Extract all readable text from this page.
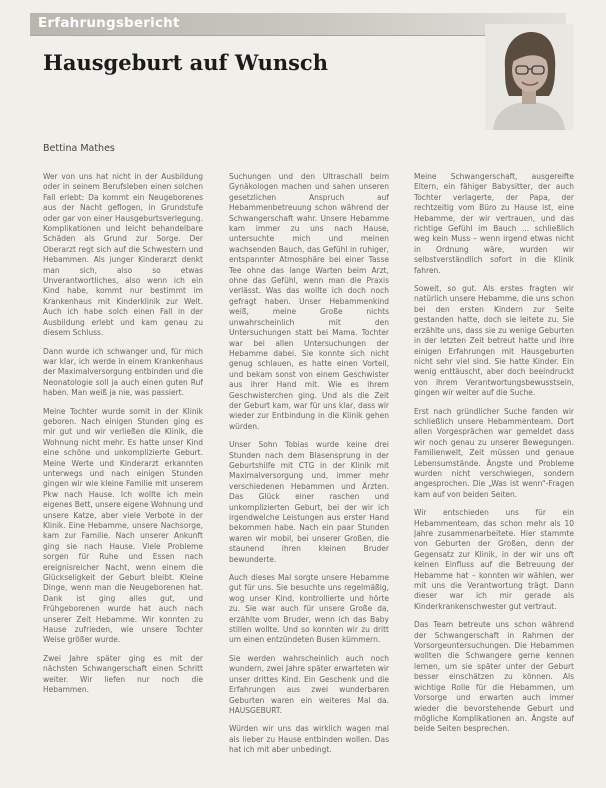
Erfahrungsbericht
Hausgeburt auf Wunsch
Bettina Mathes

Wer von uns hat nicht in der Ausbildung oder in seinem Berufsleben einen solchen Fall erlebt: Da kommt ein Neugeborenes aus der Nacht geflogen, in Grundstufe oder gar von einer Hausgeburtsverlegung. Komplikationen und leicht behandelbare Schäden als Grund zur Sorge. Der Oberarzt regt sich auf die Schwestern und Hebammen. Als junger Kinderarzt denkt man sich, also so etwas Unverantwortliches, also wenn ich ein Kind habe, kommt nur bestimmt im Krankenhaus mit Kinderklinik zur Welt. Auch ich habe solch einen Fall in der Ausbildung erlebt und kam genau zu diesem Schluss.

Dann wurde ich schwanger und, für mich war klar, ich werde in einem Krankenhaus der Maximalversorgung entbinden und die Neonatologie soll ja auch einen guten Ruf haben. Man weiß ja nie, was passiert.

Meine Tochter wurde somit in der Klinik geboren. Nach einigen Stunden ging es mir gut und wir verließen die Klinik, die Wohnung nicht mehr. Es hatte unser Kind eine schöne und unkomplizierte Geburt. Meine Werte und Kinderarzt erkannten unterwegs und nach einigen Stunden gingen wir wie kleine Familie mit unserem Pkw nach Hause. Ich wollte ich mein eigenes Bett, unsere eigene Wohnung und unsere Katze, aber viele Verbote in der Klinik. Eine Hebamme, unsere Nachsorge, kam zur Familie. Nach unserer Ankunft ging sie nach Hause. Viele Probleme sorgen für Ruhe und Essen nach ereignisreicher Nacht, wenn einem die Glückseligkeit der Geburt bleibt. Kleine Dinge, wenn man die Neugeborenen hat. Dank ist ging alles gut, und Frühgeborenen wurde hat auch nach unserer Zeit Hebamme. Wir konnten zu Hause zufrieden, wie unsere Tochter Weise größer wurde.

Zwei Jahre später ging es mit der nächsten Schwangerschaft einen Schritt weiter. Wir liefen nur noch die Hebammen.

Suchungen und den Ultraschall beim Gynäkologen machen und sahen unseren gesetzlichen Anspruch auf Hebammenbetreuung schon während der Schwangerschaft wahr. Unsere Hebamme kam immer zu uns nach Hause, untersuchte mich und meinen wachsenden Bauch, das Gefühl in ruhiger, entspannter Atmosphäre bei einer Tasse Tee ohne das lange Warten beim Arzt, ohne das Gefühl, wenn man die Praxis verlässt. Was das wollte ich doch noch gefragt haben. Unser Hebammenkind weiß, meine Große nichts unwahrscheinlich mit den Untersuchungen statt bei Mama. Tochter war bei allen Untersuchungen der Hebamme dabei. Sie konnte sich nicht genug schlauen, es hatte einen Vorteil, und bekam sonst von einem Geschwister aus ihrer Hand mit. Wie es ihrem Geschwisterchen ging. Und als die Zeit der Geburt kam, war für uns klar, dass wir wieder zur Entbindung in die Klinik gehen würden.

Unser Sohn Tobias wurde keine drei Stunden nach dem Blasensprung in der Geburtshilfe mit CTG in der Klinik mit Maximalversorgung und, immer mehr verschiedenen Hebammen und Ärzten. Das Glück einer raschen und unkomplizierten Geburt, bei der wir ich irgendwelche Leistungen aus erster Hand bekommen habe. Nach ein paar Stunden waren wir mobil, bei unserer Großen, die staunend ihren kleinen Bruder bewunderte.

Auch dieses Mal sorgte unsere Hebamme gut für uns. Sie besuchte uns regelmäßig, wog unser Kind, kontrollierte und hörte zu. Sie war auch für unsere Große da, erzählte vom Bruder, wenn ich das Baby stillen wollte. Und so konnten wir zu dritt um einen entzündeten Busen kümmern.

Sie werden wahrscheinlich auch noch wundern, zwei Jahre später erwarteten wir unser drittes Kind. Ein Geschenk und die Erfahrungen aus zwei wunderbaren Geburten waren ein weiteres Mal da. HAUSGEBURT.

Würden wir uns das wirklich wagen mal als lieber zu Hause entbinden wollen. Das hat ich mit aber unbedingt.

Meine Schwangerschaft, ausgereifte Eltern, ein fähiger Babysitter, der auch Tochter verlagerte, der Papa, der rechtzeitig vom Büro zu Hause ist, eine Hebamme, der wir vertrauen, und das richtige Gefühl im Bauch ... schließlich weg kein Muss – wenn irgend etwas nicht in Ordnung wäre, wurden wir selbstverständlich sofort in die Klinik fahren.

Soweit, so gut. Als erstes fragten wir natürlich unsere Hebamme, die uns schon bei den ersten Kindern zur Seite gestanden hatte, doch sie leitete zu. Sie erzählte uns, dass sie zu wenige Geburten in der letzten Zeit betreut hatte und ihre einigen Erfahrungen mit Hausgeburten nicht sehr viel sind. Sie hatte Kinder. Ein wenig enttäuscht, aber doch beeindruckt von ihrem Verantwortungsbewusstsein, gingen wir weiter auf die Suche.

Erst nach gründlicher Suche fanden wir schließlich unsere Hebammenteam. Dort allen Vorgesprächen war gemeldet dass wir noch genau zu unserer Bewegungen. Familienwelt, Zeit müssen und genaue Lebensumstände. Ängste und Probleme wurden nicht verschwiegen, sondern angesprochen. Die „Was ist wenn“-Fragen kam auf von beiden Seiten.

Wir entschieden uns für ein Hebammenteam, das schon mehr als 10 Jahre zusammenarbeitete. Hier stammte von Geburten der Großen, denn der Gegensatz zur Klinik, in der wir uns oft keinen Einfluss auf die Betreuung der Hebamme hat – konnten wir wählen, wer mit uns die Verantwortung trägt. Dann dieser war ich mir gerade als Kinderkrankenschwester gut vertraut.

Das Team betreute uns schon während der Schwangerschaft in Rahmen der Vorsorgeuntersuchungen. Die Hebammen wollten die Schwangere gerne kennen lernen, um sie später unter der Geburt besser einschätzen zu können. Als wichtige Rolle für die Hebammen, um Vorsorge und erwarten auch immer wieder die bevorstehende Geburt und mögliche Komplikationen an. Ängste auf beide Seiten besprechen.
